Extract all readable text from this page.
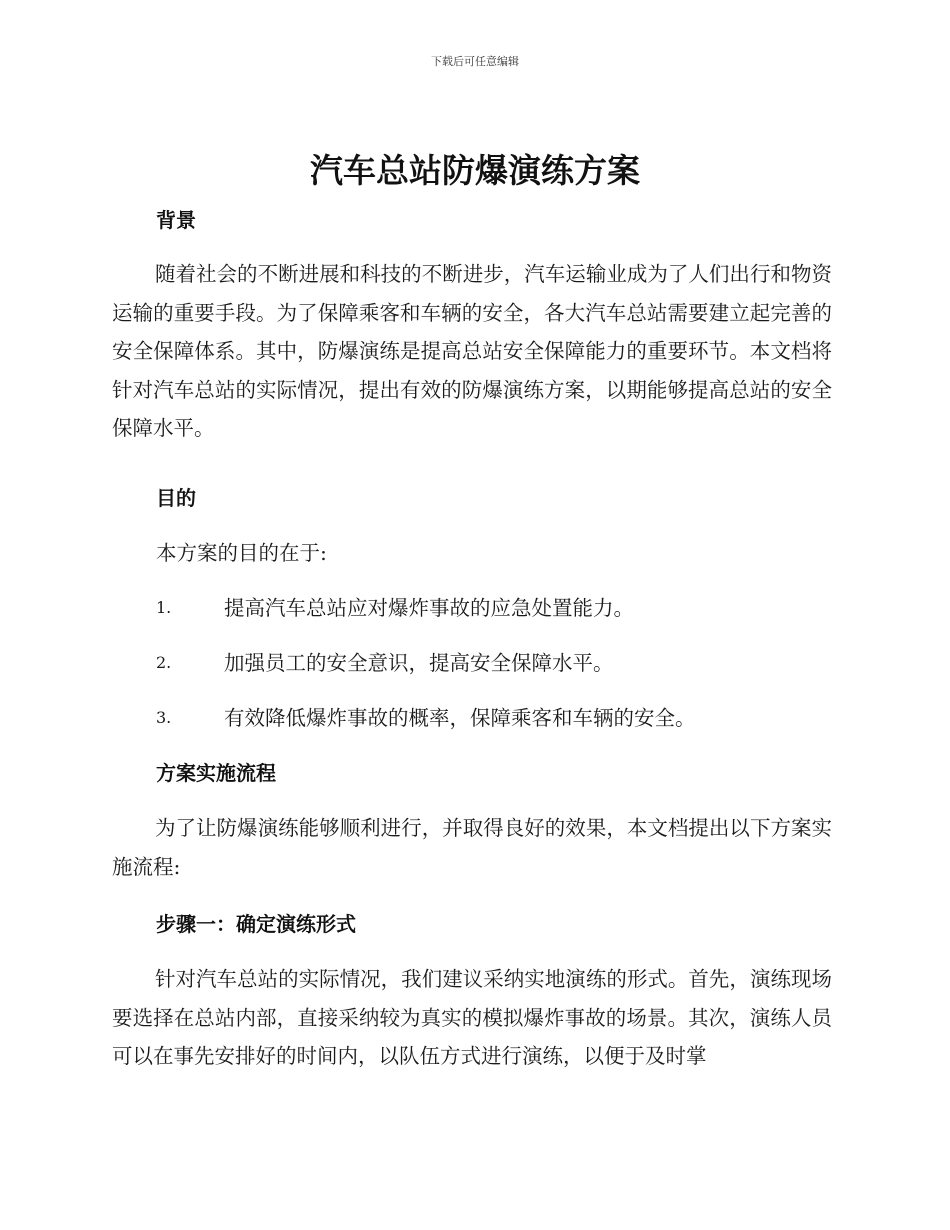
下载后可任意编辑
汽车总站防爆演练方案
背景

随着社会的不断进展和科技的不断进步，汽车运输业成为了人们出行和物资运输的重要手段。为了保障乘客和车辆的安全，各大汽车总站需要建立起完善的安全保障体系。其中，防爆演练是提高总站安全保障能力的重要环节。本文档将针对汽车总站的实际情况，提出有效的防爆演练方案，以期能够提高总站的安全保障水平。

目的

本方案的目的在于:

1.	提高汽车总站应对爆炸事故的应急处置能力。
2.	加强员工的安全意识，提高安全保障水平。
3.	有效降低爆炸事故的概率，保障乘客和车辆的安全。
方案实施流程

为了让防爆演练能够顺利进行，并取得良好的效果，本文档提出以下方案实施流程:

步骤一：确定演练形式

针对汽车总站的实际情况，我们建议采纳实地演练的形式。首先，演练现场要选择在总站内部，直接采纳较为真实的模拟爆炸事故的场景。其次，演练人员可以在事先安排好的时间内，以队伍方式进行演练，以便于及时掌
